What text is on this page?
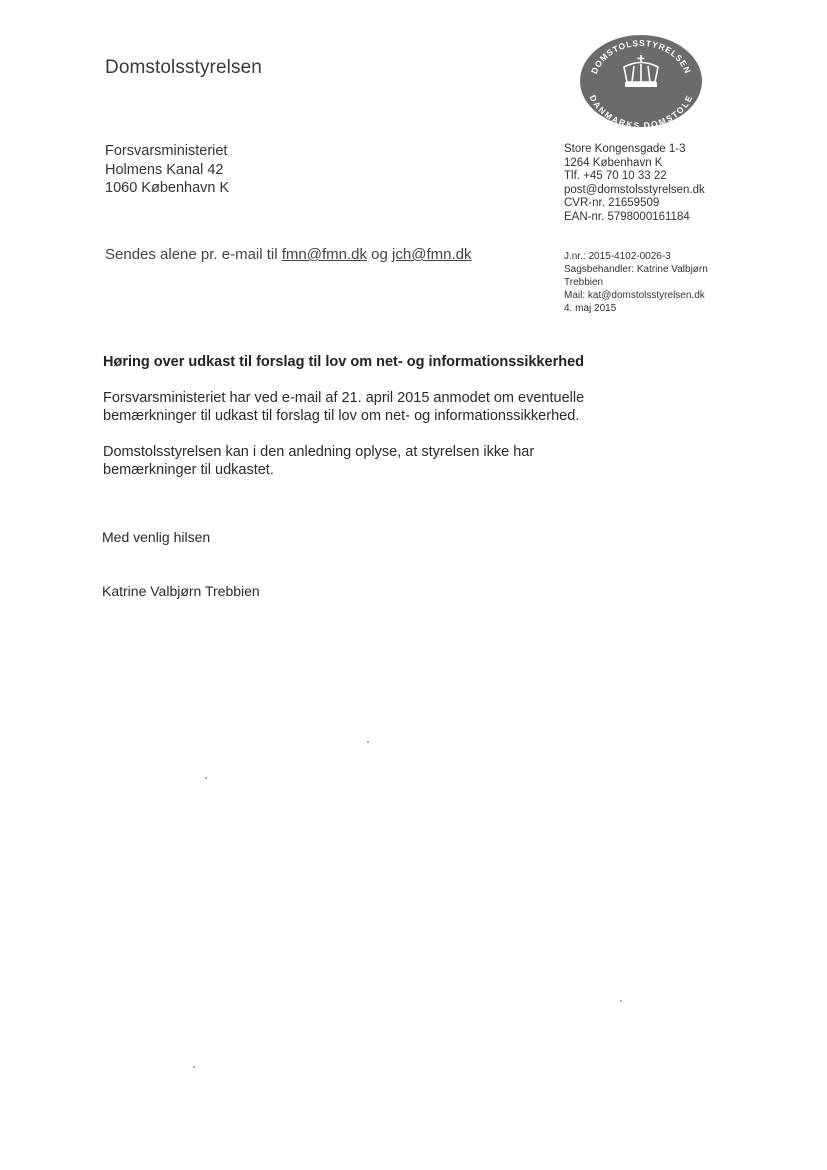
Domstolsstyrelsen	DOMSTOLSSTYRELSEN
DANMARKS DOMSTOLE
Forsvarsministeriet
Holmens Kanal 42
1060 København K
Store Kongensgade 1-3
1264 København K
Tlf. +45 70 10 33 22
post@domstolsstyrelsen.dk
CVR-nr. 21659509
EAN-nr. 5798000161184
Sendes alene pr. e-mail til fmn@fmn.dk og jch@fmn.dk	J.nr.: 2015-4102-0026-3
Sagsbehandler: Katrine Valbjørn
Trebbien
Mail: kat@domstolsstyrelsen.dk
4. maj 2015
Høring over udkast til forslag til lov om net- og informationssikkerhed
Forsvarsministeriet har ved e-mail af 21. april 2015 anmodet om eventuelle
bemærkninger til udkast til forslag til lov om net- og informationssikkerhed.
Domstolsstyrelsen kan i den anledning oplyse, at styrelsen ikke har
bemærkninger til udkastet.
Med venlig hilsen
Katrine Valbjørn Trebbien
